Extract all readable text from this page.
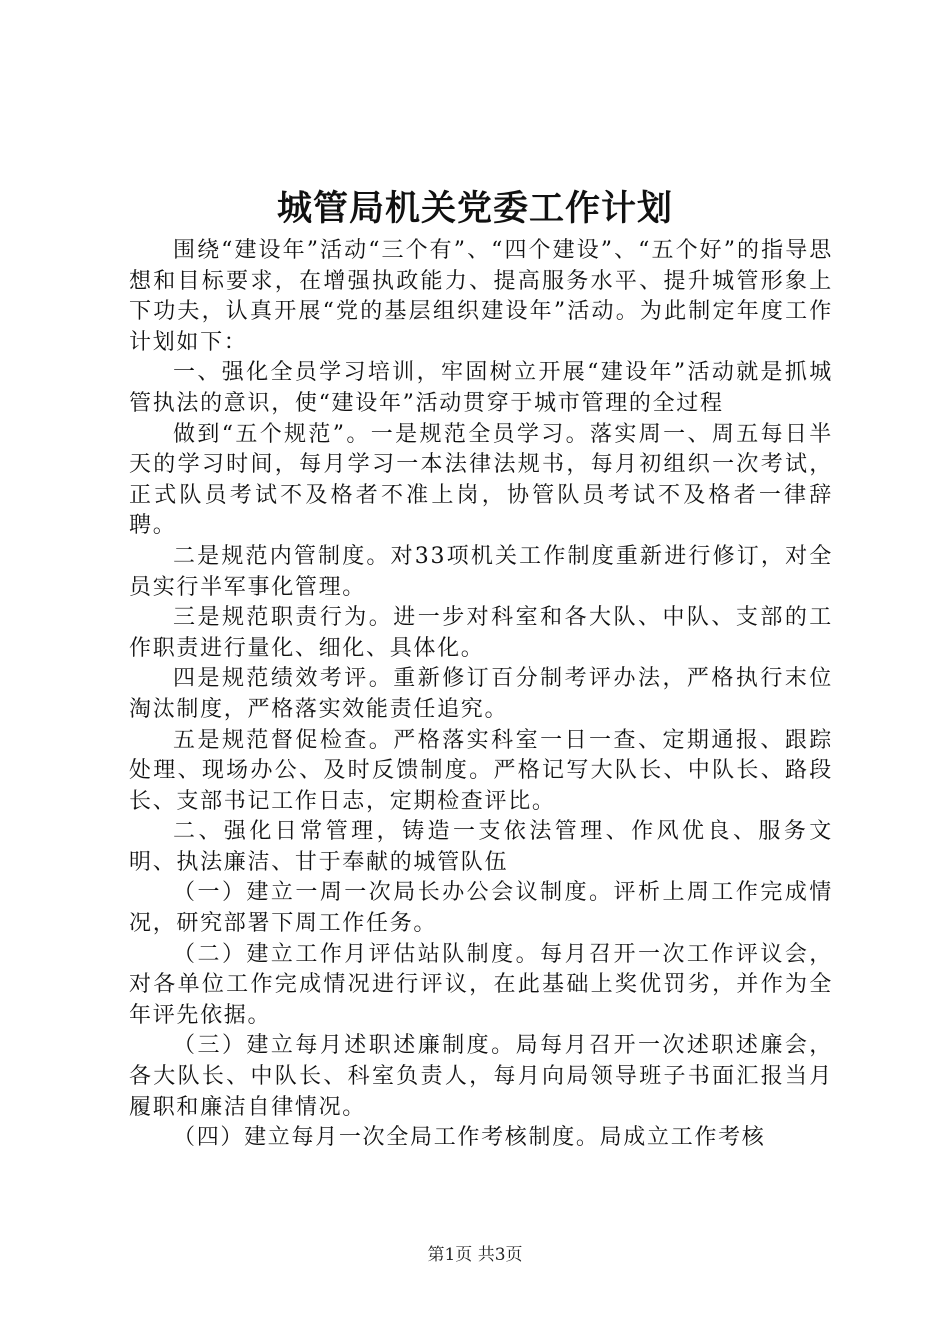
城管局机关党委工作计划

围绕“建设年”活动“三个有”、“四个建设”、“五个好”的指导思想和目标要求，在增强执政能力、提高服务水平、提升城管形象上下功夫，认真开展“党的基层组织建设年”活动。为此制定年度工作计划如下：

一、强化全员学习培训，牢固树立开展“建设年”活动就是抓城管执法的意识，使“建设年”活动贯穿于城市管理的全过程

做到“五个规范”。一是规范全员学习。落实周一、周五每日半天的学习时间，每月学习一本法律法规书，每月初组织一次考试，正式队员考试不及格者不准上岗，协管队员考试不及格者一律辞聘。

二是规范内管制度。对33项机关工作制度重新进行修订，对全员实行半军事化管理。

三是规范职责行为。进一步对科室和各大队、中队、支部的工作职责进行量化、细化、具体化。

四是规范绩效考评。重新修订百分制考评办法，严格执行末位淘汰制度，严格落实效能责任追究。

五是规范督促检查。严格落实科室一日一查、定期通报、跟踪处理、现场办公、及时反馈制度。严格记写大队长、中队长、路段长、支部书记工作日志，定期检查评比。

二、强化日常管理，铸造一支依法管理、作风优良、服务文明、执法廉洁、甘于奉献的城管队伍

（一）建立一周一次局长办公会议制度。评析上周工作完成情况，研究部署下周工作任务。

（二）建立工作月评估站队制度。每月召开一次工作评议会，对各单位工作完成情况进行评议，在此基础上奖优罚劣，并作为全年评先依据。

（三）建立每月述职述廉制度。局每月召开一次述职述廉会，各大队长、中队长、科室负责人，每月向局领导班子书面汇报当月履职和廉洁自律情况。

（四）建立每月一次全局工作考核制度。局成立工作考核

第1页 共3页
